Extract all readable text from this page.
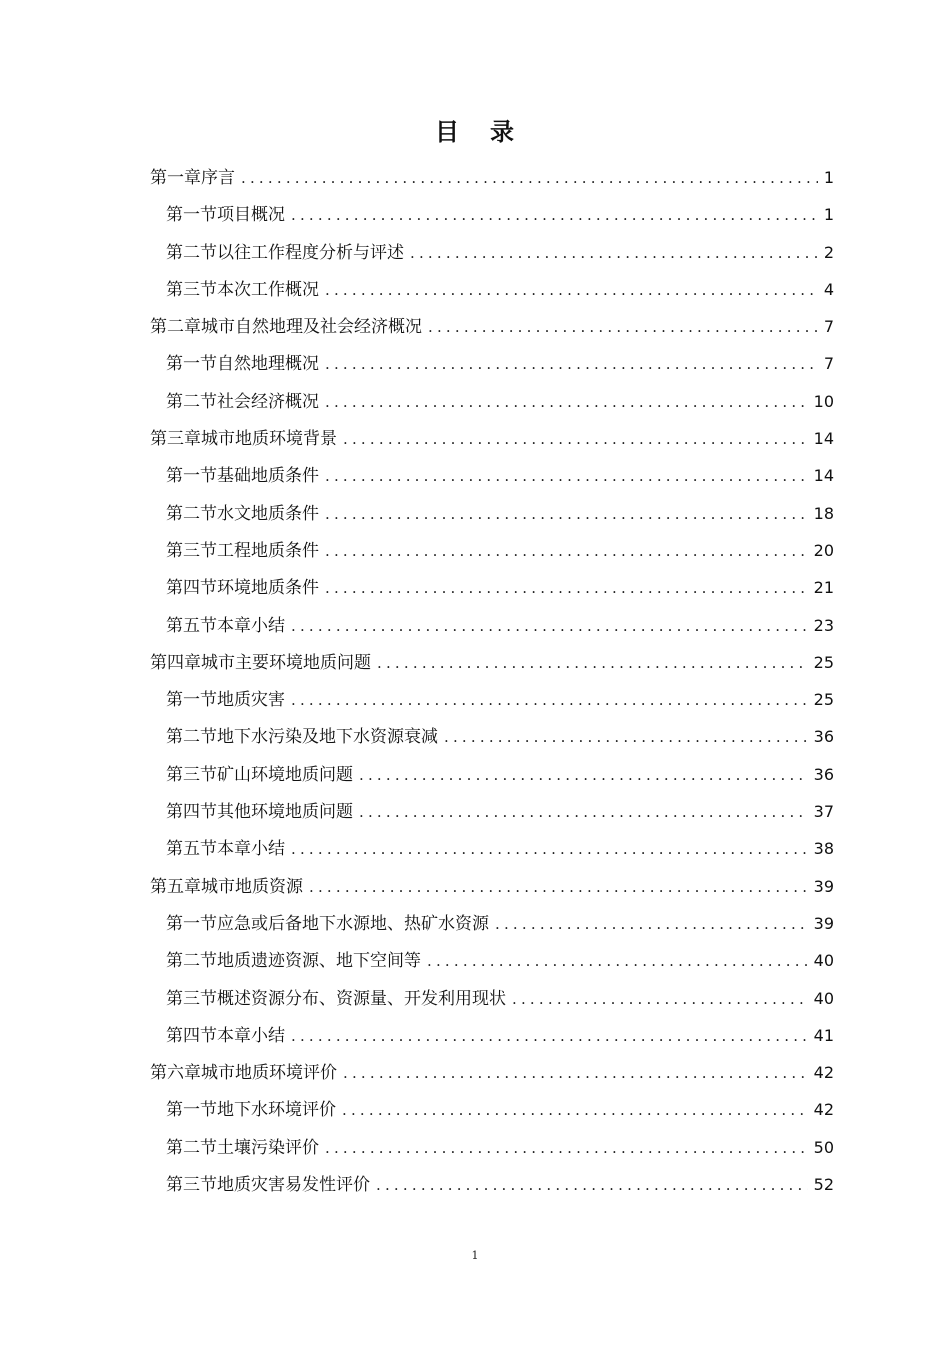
目 录
第一章 序言 .....	1
第一节 项目概况 .....	1
第二节 以往工作程度分析与评述 .....	2
第三节 本次工作概况 .....	4
第二章 城市自然地理及社会经济概况 .....	7
第一节 自然地理概况 .....	7
第二节 社会经济概况 .....	10
第三章 城市地质环境背景 .....	14
第一节 基础地质条件 .....	14
第二节 水文地质条件 .....	18
第三节 工程地质条件 .....	20
第四节 环境地质条件 .....	21
第五节 本章小结 .....	23
第四章 城市主要环境地质问题 .....	25
第一节 地质灾害 .....	25
第二节 地下水污染及地下水资源衰减 .....	36
第三节 矿山环境地质问题 .....	36
第四节 其他环境地质问题 .....	37
第五节 本章小结 .....	38
第五章 城市地质资源 .....	39
第一节 应急或后备地下水源地、热矿水资源 .....	39
第二节 地质遗迹资源、地下空间等 .....	40
第三节 概述资源分布、资源量、开发利用现状 .....	40
第四节 本章小结 .....	41
第六章 城市地质环境评价 .....	42
第一节 地下水环境评价 .....	42
第二节 土壤污染评价 .....	50
第三节 地质灾害易发性评价 .....	52
1
